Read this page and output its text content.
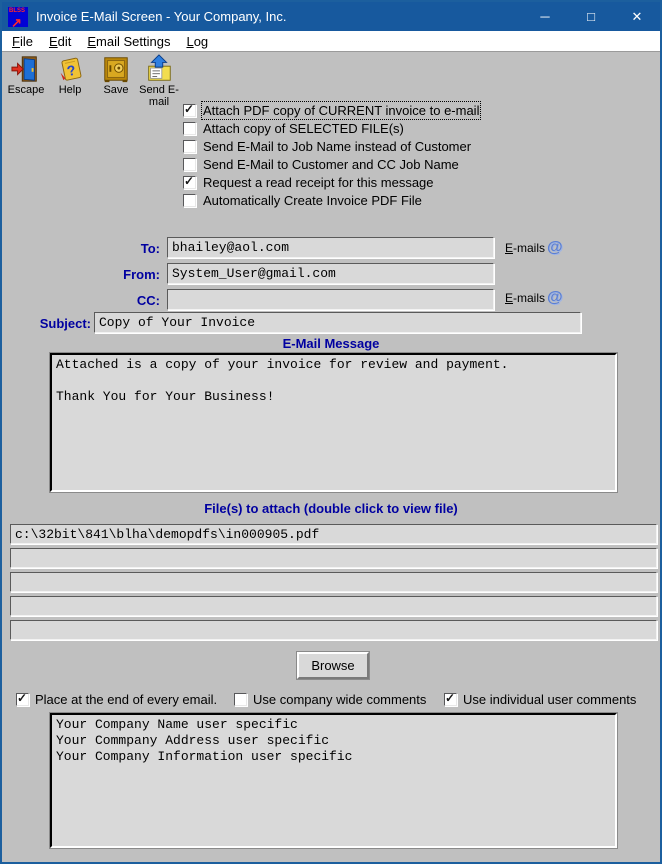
BLSS
↗ Invoice E-Mail Screen - Your Company, Inc.	─	□	✕
File	Edit	Email Settings	Log
Escape
?
Help	Save Send E-mail	✓ Attach PDF copy of CURRENT invoice to e-mail
Attach copy of SELECTED FILE(s)
Send E-Mail to Job Name instead of Customer
Send E-Mail to Customer and CC Job Name
✓ Request a read receipt for this message
Automatically Create Invoice PDF File
To:
bhailey@aol.com	E-mails @
From:
System_User@gmail.com
CC:	E-mails @
Subject:
Copy of Your Invoice
E-Mail Message
Attached is a copy of your invoice for review and payment. Thank You for Your Business!
File(s) to attach (double click to view file)
c:\32bit\841\blha\demopdfs\in000905.pdf
Browse
✓ Place at the end of every email.	Use company wide comments ✓ Use individual user comments
Your Company Name user specific Your Commpany Address user specific Your Company Information user specific
